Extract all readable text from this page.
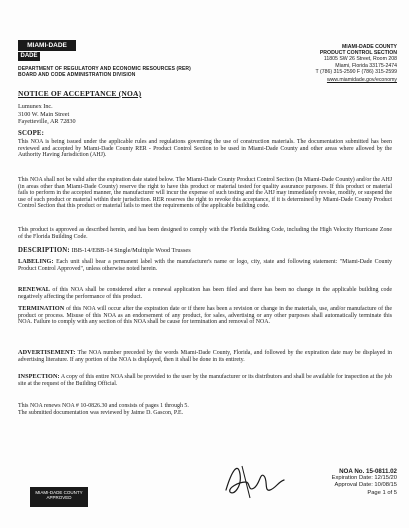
MIAMI-DADE
DADE
DEPARTMENT OF REGULATORY AND ECONOMIC RESOURCES (RER)
BOARD AND CODE ADMINISTRATION DIVISION
MIAMI-DADE COUNTY
PRODUCT CONTROL SECTION
11805 SW 26 Street, Room 208
Miami, Florida 33175-2474
T (786) 315-2590 F (786) 315-2599
www.miamidade.gov/economy
NOTICE OF ACCEPTANCE (NOA)
Lumunex Inc.
3100 W. Main Street
Fayetteville, AR 72830
SCOPE:
This NOA is being issued under the applicable rules and regulations governing the use of construction materials. The documentation submitted has been reviewed and accepted by Miami-Dade County RER - Product Control Section to be used in Miami-Dade County and other areas where allowed by the Authority Having Jurisdiction (AHJ).
This NOA shall not be valid after the expiration date stated below. The Miami-Dade County Product Control Section (In Miami-Dade County) and/or the AHJ (in areas other than Miami-Dade County) reserve the right to have this product or material tested for quality assurance purposes. If this product or material fails to perform in the accepted manner, the manufacturer will incur the expense of such testing and the AHJ may immediately revoke, modify, or suspend the use of such product or material within their jurisdiction. RER reserves the right to revoke this acceptance, if it is determined by Miami-Dade County Product Control Section that this product or material fails to meet the requirements of the applicable building code.
This product is approved as described herein, and has been designed to comply with the Florida Building Code, including the High Velocity Hurricane Zone of the Florida Building Code.
DESCRIPTION: IBB-14/EBB-14 Single/Multiple Wood Trusses
LABELING: Each unit shall bear a permanent label with the manufacturer's name or logo, city, state and following statement: "Miami-Dade County Product Control Approved", unless otherwise noted herein.
RENEWAL of this NOA shall be considered after a renewal application has been filed and there has been no change in the applicable building code negatively affecting the performance of this product.
TERMINATION of this NOA will occur after the expiration date or if there has been a revision or change in the materials, use, and/or manufacture of the product or process. Misuse of this NOA as an endorsement of any product, for sales, advertising or any other purposes shall automatically terminate this NOA. Failure to comply with any section of this NOA shall be cause for termination and removal of NOA.
ADVERTISEMENT: The NOA number preceded by the words Miami-Dade County, Florida, and followed by the expiration date may be displayed in advertising literature. If any portion of the NOA is displayed, then it shall be done in its entirety.
INSPECTION: A copy of this entire NOA shall be provided to the user by the manufacturer or its distributors and shall be available for inspection at the job site at the request of the Building Official.
This NOA renews NOA # 10-0826.30 and consists of pages 1 through 5.
The submitted documentation was reviewed by Jaime D. Gascon, P.E.
MIAMI-DADE COUNTY
APPROVED
NOA No. 15-0811.02
Expiration Date: 12/15/20
Approval Date: 10/08/15
Page 1 of 5
